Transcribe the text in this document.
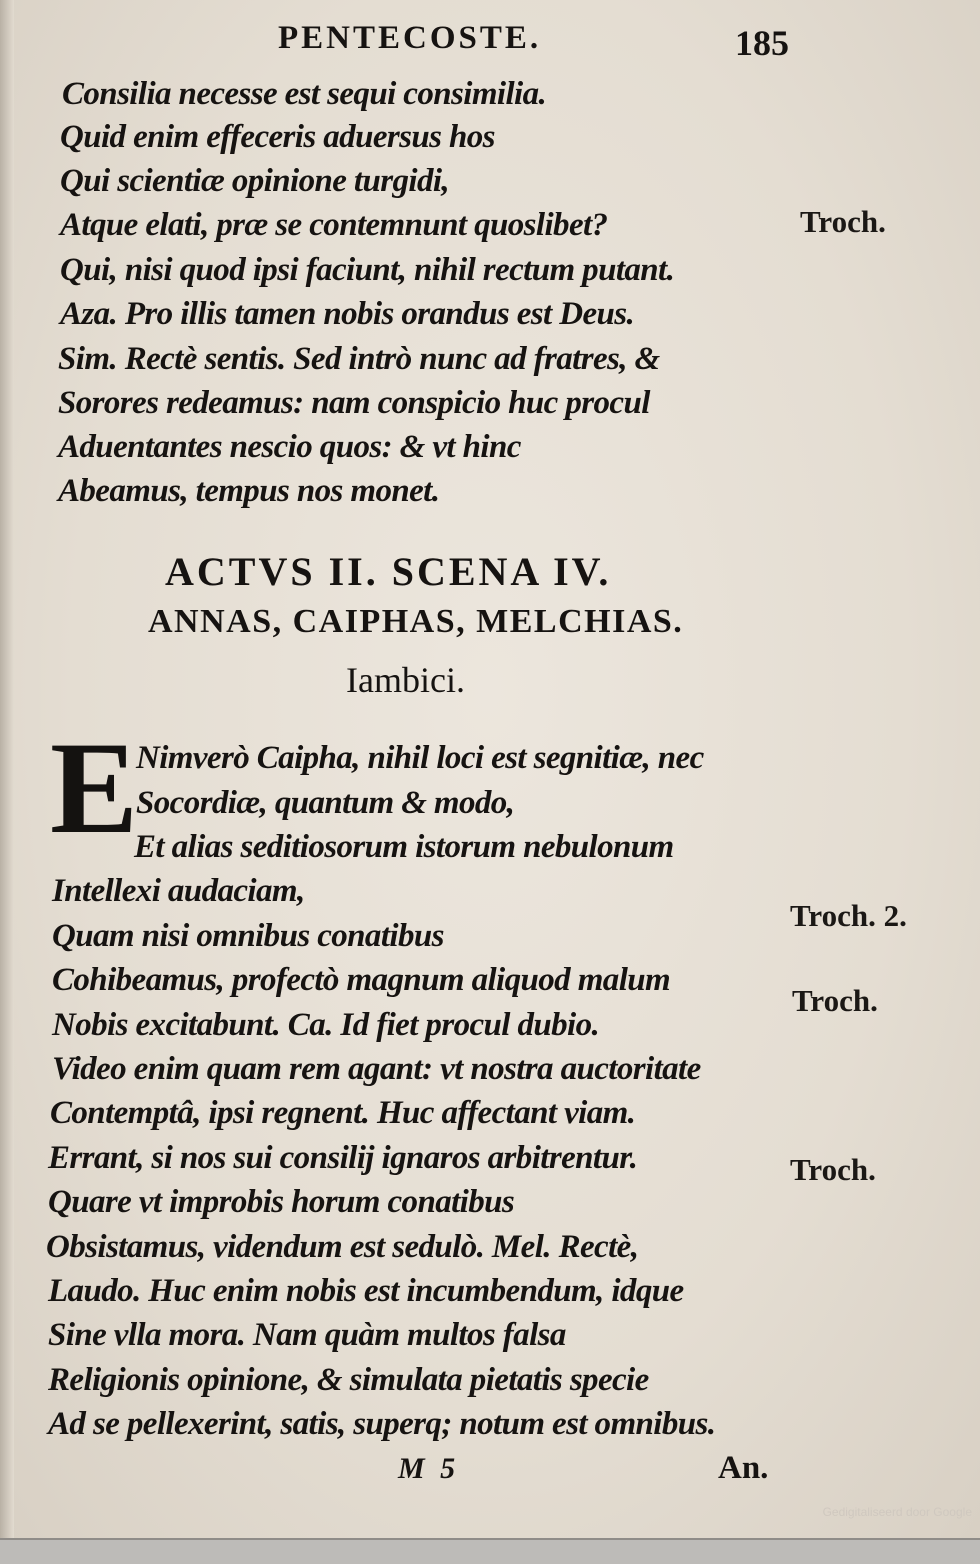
PENTECOSTE.	185
Consilia necesse est sequi consimilia.
Quid enim effeceris aduersus hos
Qui scientiæ opinione turgidi,
Atque elati, præ se contemnunt quoslibet?	Troch.
Qui, nisi quod ipsi faciunt, nihil rectum putant.
Aza. Pro illis tamen nobis orandus est Deus.
Sim. Rectè sentis. Sed intrò nunc ad fratres, &
Sorores redeamus: nam conspicio huc procul
Aduentantes nescio quos: & vt hinc
Abeamus, tempus nos monet.
ACTVS II. SCENA IV.
ANNAS, CAIPHAS, MELCHIAS.
Iambici.
E
Nimverò Caipha, nihil loci est segnitiæ, nec
Socordiæ, quantum & modo,
Et alias seditiosorum istorum nebulonum
Intellexi audaciam,
Troch. 2.
Quam nisi omnibus conatibus
Cohibeamus, profectò magnum aliquod malum
Troch.
Nobis excitabunt. Ca. Id fiet procul dubio.
Video enim quam rem agant: vt nostra auctoritate
Contemptâ, ipsi regnent. Huc affectant viam.
Errant, si nos sui consilij ignaros arbitrentur.	Troch.
Quare vt improbis horum conatibus
Obsistamus, videndum est sedulò. Mel. Rectè,
Laudo. Huc enim nobis est incumbendum, idque
Sine vlla mora. Nam quàm multos falsa
Religionis opinione, & simulata pietatis specie
Ad se pellexerint, satis, superq; notum est omnibus.
M 5	An.
Gedigitaliseerd door Google
